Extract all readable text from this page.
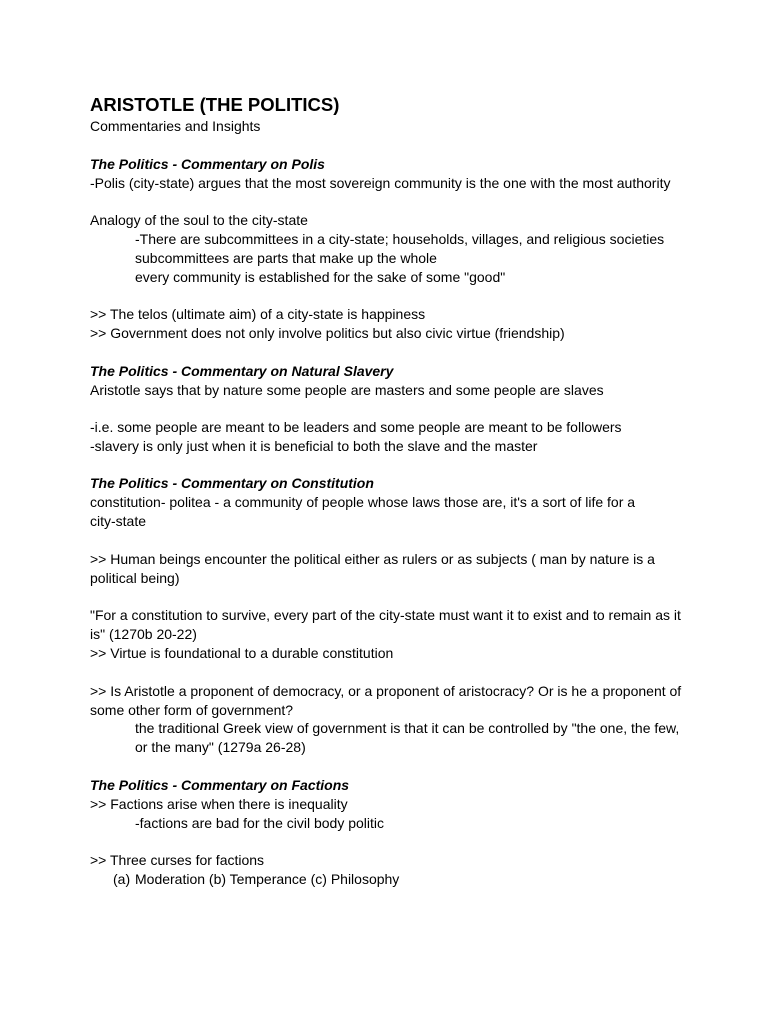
ARISTOTLE (THE POLITICS)
Commentaries and Insights
The Politics - Commentary on Polis
-Polis (city-state) argues that the most sovereign community is the one with the most authority
Analogy of the soul to the city-state
-There are subcommittees in a city-state; households, villages, and religious societies
subcommittees are parts that make up the whole
every community is established for the sake of some "good"
>> The telos (ultimate aim) of a city-state is happiness
>> Government does not only involve politics but also civic virtue (friendship)
The Politics - Commentary on Natural Slavery
Aristotle says that by nature some people are masters and some people are slaves
-i.e. some people are meant to be leaders and some people are meant to be followers
-slavery is only just when it is beneficial to both the slave and the master
The Politics - Commentary on Constitution
constitution- politea - a community of people whose laws those are, it's a sort of life for a
city-state
>> Human beings encounter the political either as rulers or as subjects ( man by nature is a
political being)
"For a constitution to survive, every part of the city-state must want it to exist and to remain as it
is" (1270b 20-22)
>> Virtue is foundational to a durable constitution
>> Is Aristotle a proponent of democracy, or a proponent of aristocracy? Or is he a proponent of
some other form of government?
the traditional Greek view of government is that it can be controlled by "the one, the few,
or the many" (1279a 26-28)
The Politics - Commentary on Factions
>> Factions arise when there is inequality
-factions are bad for the civil body politic
>> Three curses for factions
(a) Moderation (b) Temperance (c) Philosophy
